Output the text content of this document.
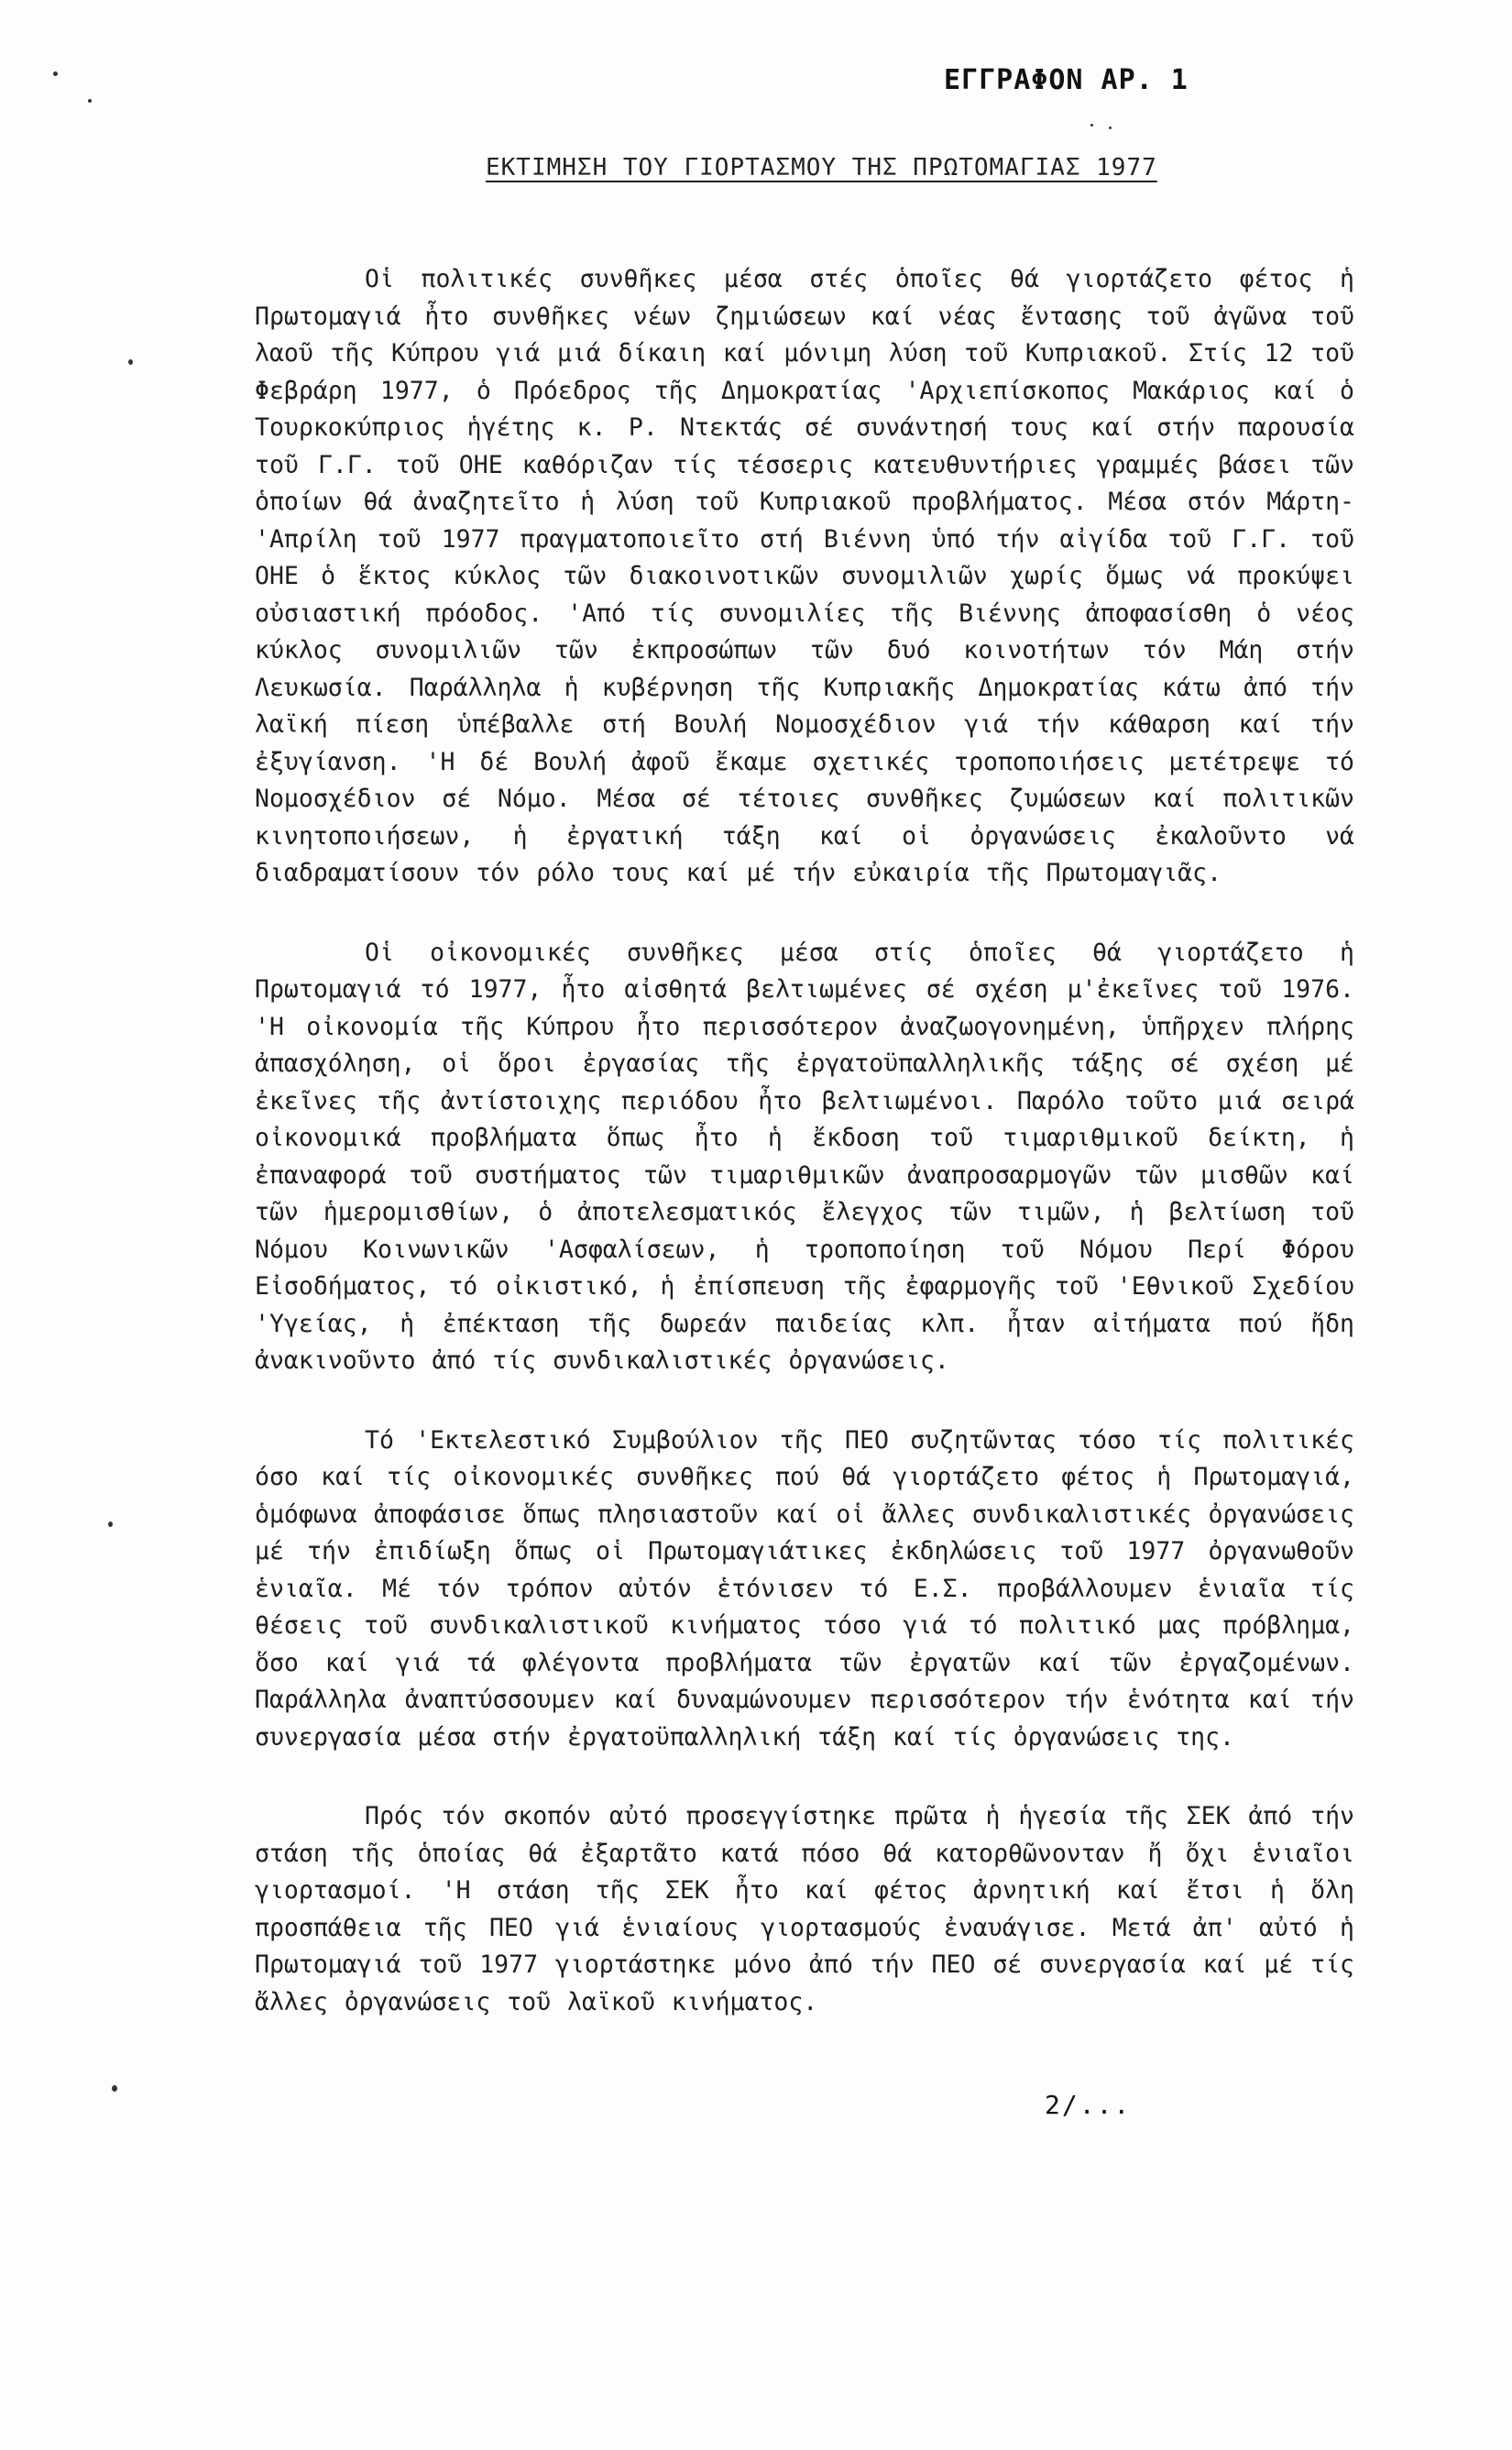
ΕΓΓΡΑΦΟΝ ΑΡ. 1
ΕΚΤΙΜΗΣΗ ΤΟΥ ΓΙΟΡΤΑΣΜΟΥ ΤΗΣ ΠΡΩΤΟΜΑΓΙΑΣ 1977

Οἱ πολιτικές συνθῆκες μέσα στές ὁποῖες θά γιορτάζετο φέτος ἡ Πρωτομαγιά ἦτο συνθῆκες νέων ζημιώσεων καί νέας ἔντασης τοῦ ἀγῶνα τοῦ λαοῦ τῆς Κύπρου γιά μιά δίκαιη καί μόνιμη λύση τοῦ Κυπριακοῦ. Στίς 12 τοῦ Φεβράρη 1977, ὁ Πρόεδρος τῆς Δημοκρατίας 'Αρχιεπίσκοπος Μακάριος καί ὁ Τουρκοκύπριος ἡγέτης κ. Ρ. Ντεκτάς σέ συνάντησή τους καί στήν παρουσία τοῦ Γ.Γ. τοῦ ΟΗΕ καθόριζαν τίς τέσσερις κατευθυντήριες γραμμές βάσει τῶν ὁποίων θά ἀναζητεῖτο ἡ λύση τοῦ Κυπριακοῦ προβλήματος. Μέσα στόν Μάρτη-'Απρίλη τοῦ 1977 πραγματοποιεῖτο στή Βιέννη ὑπό τήν αἰγίδα τοῦ Γ.Γ. τοῦ ΟΗΕ ὁ ἕκτος κύκλος τῶν διακοινοτικῶν συνομιλιῶν χωρίς ὅμως νά προκύψει οὐσιαστική πρόοδος. 'Από τίς συνομιλίες τῆς Βιέννης ἀποφασίσθη ὁ νέος κύκλος συνομιλιῶν τῶν ἐκπροσώπων τῶν δυό κοινοτήτων τόν Μάη στήν Λευκωσία. Παράλληλα ἡ κυβέρνηση τῆς Κυπριακῆς Δημοκρατίας κάτω ἀπό τήν λαϊκή πίεση ὑπέβαλλε στή Βουλή Νομοσχέδιον γιά τήν κάθαρση καί τήν ἐξυγίανση. 'Η δέ Βουλή ἀφοῦ ἔκαμε σχετικές τροποποιήσεις μετέτρεψε τό Νομοσχέδιον σέ Νόμο. Μέσα σέ τέτοιες συνθῆκες ζυμώσεων καί πολιτικῶν κινητοποιήσεων, ἡ ἐργατική τάξη καί οἱ ὀργανώσεις ἐκαλοῦντο νά διαδραματίσουν τόν ρόλο τους καί μέ τήν εὐκαιρία τῆς Πρωτομαγιᾶς.

Οἱ οἰκονομικές συνθῆκες μέσα στίς ὁποῖες θά γιορτάζετο ἡ Πρωτομαγιά τό 1977, ἦτο αἰσθητά βελτιωμένες σέ σχέση μ'ἐκεῖνες τοῦ 1976. 'Η οἰκονομία τῆς Κύπρου ἦτο περισσότερον ἀναζωογονημένη, ὑπῆρχεν πλήρης ἀπασχόληση, οἱ ὅροι ἐργασίας τῆς ἐργατοϋπαλληλικῆς τάξης σέ σχέση μέ ἐκεῖνες τῆς ἀντίστοιχης περιόδου ἦτο βελτιωμένοι. Παρόλο τοῦτο μιά σειρά οἰκονομικά προβλήματα ὅπως ἦτο ἡ ἔκδοση τοῦ τιμαριθμικοῦ δείκτη, ἡ ἐπαναφορά τοῦ συστήματος τῶν τιμαριθμικῶν ἀναπροσαρμογῶν τῶν μισθῶν καί τῶν ἡμερομισθίων, ὁ ἀποτελεσματικός ἔλεγχος τῶν τιμῶν, ἡ βελτίωση τοῦ Νόμου Κοινωνικῶν 'Ασφαλίσεων, ἡ τροποποίηση τοῦ Νόμου Περί Φόρου Εἰσοδήματος, τό οἰκιστικό, ἡ ἐπίσπευση τῆς ἐφαρμογῆς τοῦ 'Εθνικοῦ Σχεδίου 'Υγείας, ἡ ἐπέκταση τῆς δωρεάν παιδείας κλπ. ἦταν αἰτήματα πού ἤδη ἀνακινοῦντο ἀπό τίς συνδικαλιστικές ὀργανώσεις.

Τό 'Εκτελεστικό Συμβούλιον τῆς ΠΕΟ συζητῶντας τόσο τίς πολιτικές όσο καί τίς οἰκονομικές συνθῆκες πού θά γιορτάζετο φέτος ἡ Πρωτομαγιά, ὁμόφωνα ἀποφάσισε ὅπως πλησιαστοῦν καί οἱ ἄλλες συνδικαλιστικές ὀργανώσεις μέ τήν ἐπιδίωξη ὅπως οἱ Πρωτομαγιάτικες ἐκδηλώσεις τοῦ 1977 ὀργανωθοῦν ἑνιαῖα. Μέ τόν τρόπον αὐτόν ἑτόνισεν τό Ε.Σ. προβάλλουμεν ἑνιαῖα τίς θέσεις τοῦ συνδικαλιστικοῦ κινήματος τόσο γιά τό πολιτικό μας πρόβλημα, ὅσο καί γιά τά φλέγοντα προβλήματα τῶν ἐργατῶν καί τῶν ἐργαζομένων. Παράλληλα ἀναπτύσσουμεν καί δυναμώνουμεν περισσότερον τήν ἑνότητα καί τήν συνεργασία μέσα στήν ἐργατοϋπαλληλική τάξη καί τίς ὀργανώσεις της.

Πρός τόν σκοπόν αὐτό προσεγγίστηκε πρῶτα ἡ ἡγεσία τῆς ΣΕΚ ἀπό τήν στάση τῆς ὁποίας θά ἐξαρτᾶτο κατά πόσο θά κατορθῶνονταν ἤ ὄχι ἑνιαῖοι γιορτασμοί. 'Η στάση τῆς ΣΕΚ ἦτο καί φέτος ἀρνητική καί ἔτσι ἡ ὅλη προσπάθεια τῆς ΠΕΟ γιά ἑνιαίους γιορτασμούς ἐναυάγισε. Μετά ἀπ' αὐτό ἡ Πρωτομαγιά τοῦ 1977 γιορτάστηκε μόνο ἀπό τήν ΠΕΟ σέ συνεργασία καί μέ τίς ἄλλες ὀργανώσεις τοῦ λαϊκοῦ κινήματος.

2/...
